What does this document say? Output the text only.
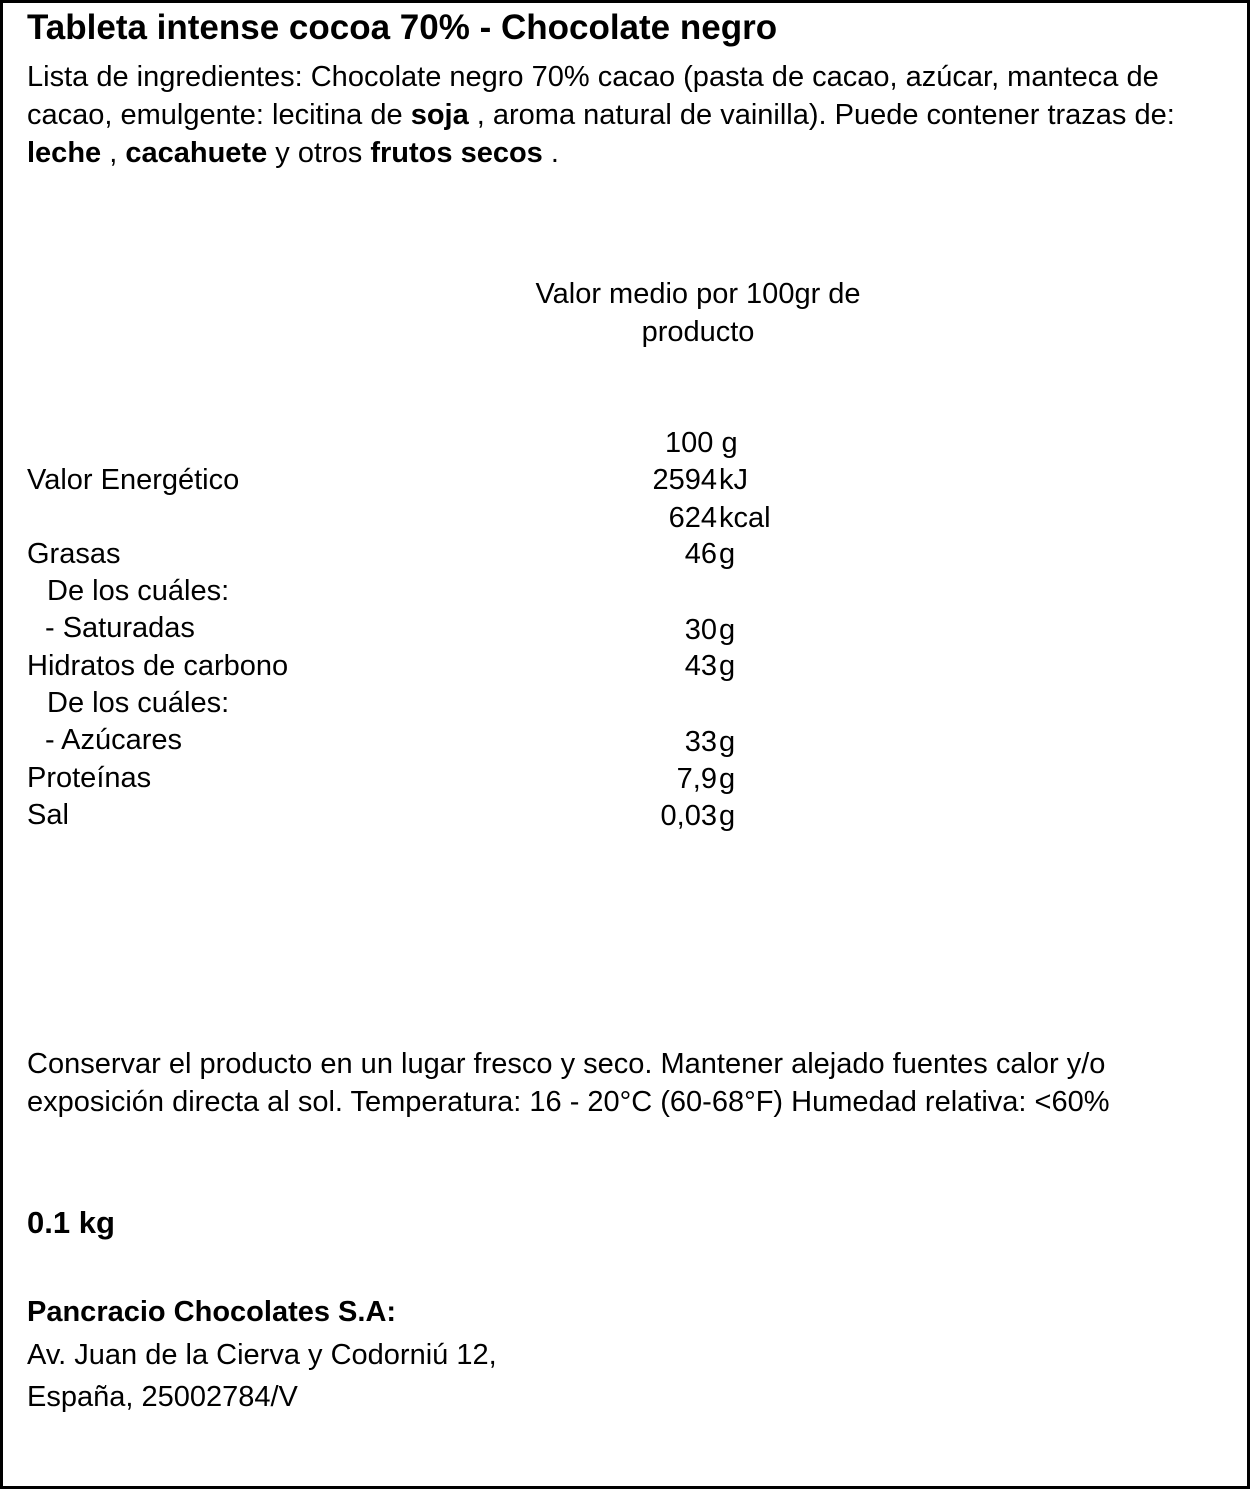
Tableta intense cocoa 70% - Chocolate negro
Lista de ingredientes: Chocolate negro 70% cacao (pasta de cacao, azúcar, manteca de cacao, emulgente: lecitina de soja , aroma natural de vainilla). Puede contener trazas de: leche , cacahuete y otros frutos secos .
Valor medio por 100gr de producto
100 g
Valor Energético	2594 kJ
624 kcal
Grasas	46 g
De los cuáles:
- Saturadas	30 g
Hidratos de carbono	43 g
De los cuáles:
- Azúcares	33 g
Proteínas	7,9 g
Sal	0,03 g
Conservar el producto en un lugar fresco y seco. Mantener alejado fuentes calor y/o exposición directa al sol. Temperatura: 16 - 20°C (60-68°F) Humedad relativa: <60%
0.1 kg
Pancracio Chocolates S.A:
Av. Juan de la Cierva y Codorniú 12,
España, 25002784/V
